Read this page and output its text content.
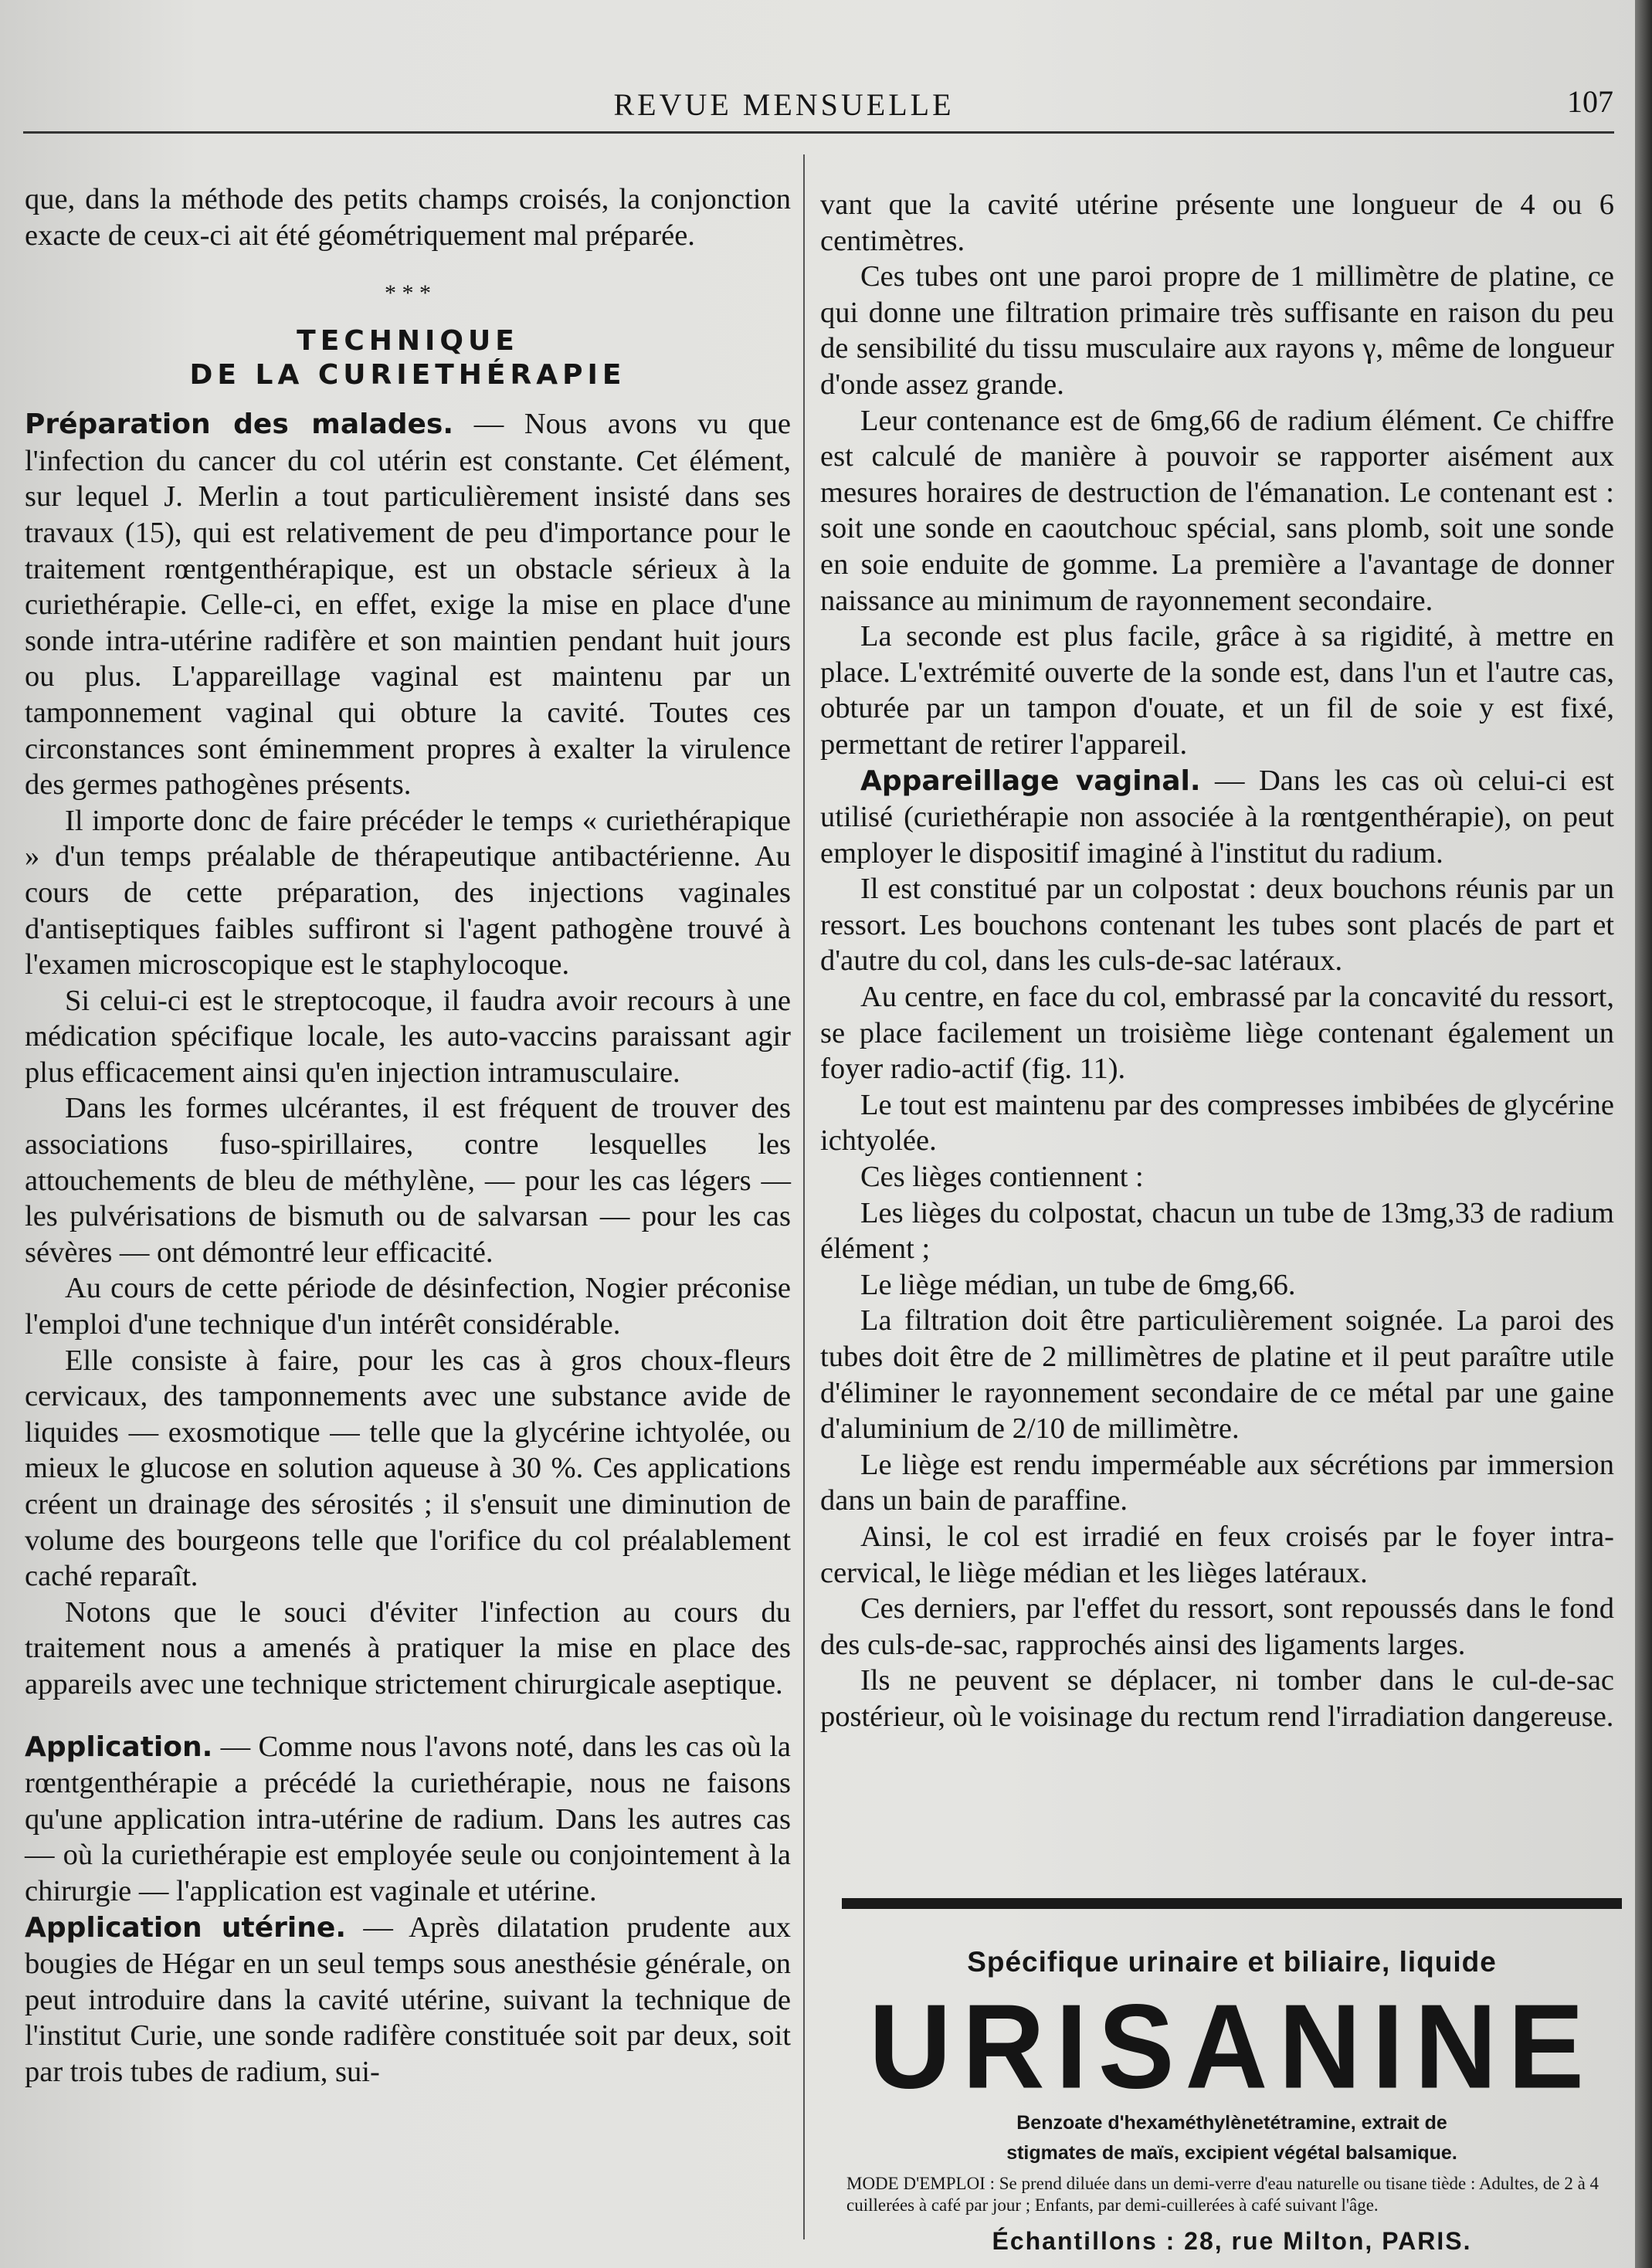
REVUE MENSUELLE	107

que, dans la méthode des petits champs croisés, la conjonction exacte de ceux-ci ait été géométriquement mal préparée.

* * *
TECHNIQUE
DE LA CURIETHÉRAPIE

Préparation des malades. — Nous avons vu que l'infection du cancer du col utérin est constante. Cet élément, sur lequel J. Merlin a tout particulièrement insisté dans ses travaux (15), qui est relativement de peu d'importance pour le traitement rœntgenthérapique, est un obstacle sérieux à la curiethérapie. Celle-ci, en effet, exige la mise en place d'une sonde intra-utérine radifère et son maintien pendant huit jours ou plus. L'appareillage vaginal est maintenu par un tamponnement vaginal qui obture la cavité. Toutes ces circonstances sont éminemment propres à exalter la virulence des germes pathogènes présents.

Il importe donc de faire précéder le temps « curiethérapique » d'un temps préalable de thérapeutique antibactérienne. Au cours de cette préparation, des injections vaginales d'antiseptiques faibles suffiront si l'agent pathogène trouvé à l'examen microscopique est le staphylocoque.

Si celui-ci est le streptocoque, il faudra avoir recours à une médication spécifique locale, les auto-vaccins paraissant agir plus efficacement ainsi qu'en injection intramusculaire.

Dans les formes ulcérantes, il est fréquent de trouver des associations fuso-spirillaires, contre lesquelles les attouchements de bleu de méthylène, — pour les cas légers — les pulvérisations de bismuth ou de salvarsan — pour les cas sévères — ont démontré leur efficacité.

Au cours de cette période de désinfection, Nogier préconise l'emploi d'une technique d'un intérêt considérable.

Elle consiste à faire, pour les cas à gros choux-fleurs cervicaux, des tamponnements avec une substance avide de liquides — exosmotique — telle que la glycérine ichtyolée, ou mieux le glucose en solution aqueuse à 30 %. Ces applications créent un drainage des sérosités ; il s'ensuit une diminution de volume des bourgeons telle que l'orifice du col préalablement caché reparaît.

Notons que le souci d'éviter l'infection au cours du traitement nous a amenés à pratiquer la mise en place des appareils avec une technique strictement chirurgicale aseptique.

Application. — Comme nous l'avons noté, dans les cas où la rœntgenthérapie a précédé la curiethérapie, nous ne faisons qu'une application intra-utérine de radium. Dans les autres cas — où la curiethérapie est employée seule ou conjointement à la chirurgie — l'application est vaginale et utérine.

Application utérine. — Après dilatation prudente aux bougies de Hégar en un seul temps sous anesthésie générale, on peut introduire dans la cavité utérine, suivant la technique de l'institut Curie, une sonde radifère constituée soit par deux, soit par trois tubes de radium, sui-

vant que la cavité utérine présente une longueur de 4 ou 6 centimètres.

Ces tubes ont une paroi propre de 1 millimètre de platine, ce qui donne une filtration primaire très suffisante en raison du peu de sensibilité du tissu musculaire aux rayons γ, même de longueur d'onde assez grande.

Leur contenance est de 6mg,66 de radium élément. Ce chiffre est calculé de manière à pouvoir se rapporter aisément aux mesures horaires de destruction de l'émanation. Le contenant est : soit une sonde en caoutchouc spécial, sans plomb, soit une sonde en soie enduite de gomme. La première a l'avantage de donner naissance au minimum de rayonnement secondaire.

La seconde est plus facile, grâce à sa rigidité, à mettre en place. L'extrémité ouverte de la sonde est, dans l'un et l'autre cas, obturée par un tampon d'ouate, et un fil de soie y est fixé, permettant de retirer l'appareil.

Appareillage vaginal. — Dans les cas où celui-ci est utilisé (curiethérapie non associée à la rœntgenthérapie), on peut employer le dispositif imaginé à l'institut du radium.

Il est constitué par un colpostat : deux bouchons réunis par un ressort. Les bouchons contenant les tubes sont placés de part et d'autre du col, dans les culs-de-sac latéraux.

Au centre, en face du col, embrassé par la concavité du ressort, se place facilement un troisième liège contenant également un foyer radio-actif (fig. 11).

Le tout est maintenu par des compresses imbibées de glycérine ichtyolée.

Ces lièges contiennent :

Les lièges du colpostat, chacun un tube de 13mg,33 de radium élément ;

Le liège médian, un tube de 6mg,66.

La filtration doit être particulièrement soignée. La paroi des tubes doit être de 2 millimètres de platine et il peut paraître utile d'éliminer le rayonnement secondaire de ce métal par une gaine d'aluminium de 2/10 de millimètre.

Le liège est rendu imperméable aux sécrétions par immersion dans un bain de paraffine.

Ainsi, le col est irradié en feux croisés par le foyer intra-cervical, le liège médian et les lièges latéraux.

Ces derniers, par l'effet du ressort, sont repoussés dans le fond des culs-de-sac, rapprochés ainsi des ligaments larges.

Ils ne peuvent se déplacer, ni tomber dans le cul-de-sac postérieur, où le voisinage du rectum rend l'irradiation dangereuse.

Spécifique urinaire et biliaire, liquide
URISANINE
Benzoate d'hexaméthylènetétramine, extrait de
stigmates de maïs, excipient végétal balsamique.
MODE D'EMPLOI : Se prend diluée dans un demi-verre d'eau naturelle ou tisane tiède : Adultes, de 2 à 4 cuillerées à café par jour ; Enfants, par demi-cuillerées à café suivant l'âge.
Échantillons : 28, rue Milton, PARIS.
